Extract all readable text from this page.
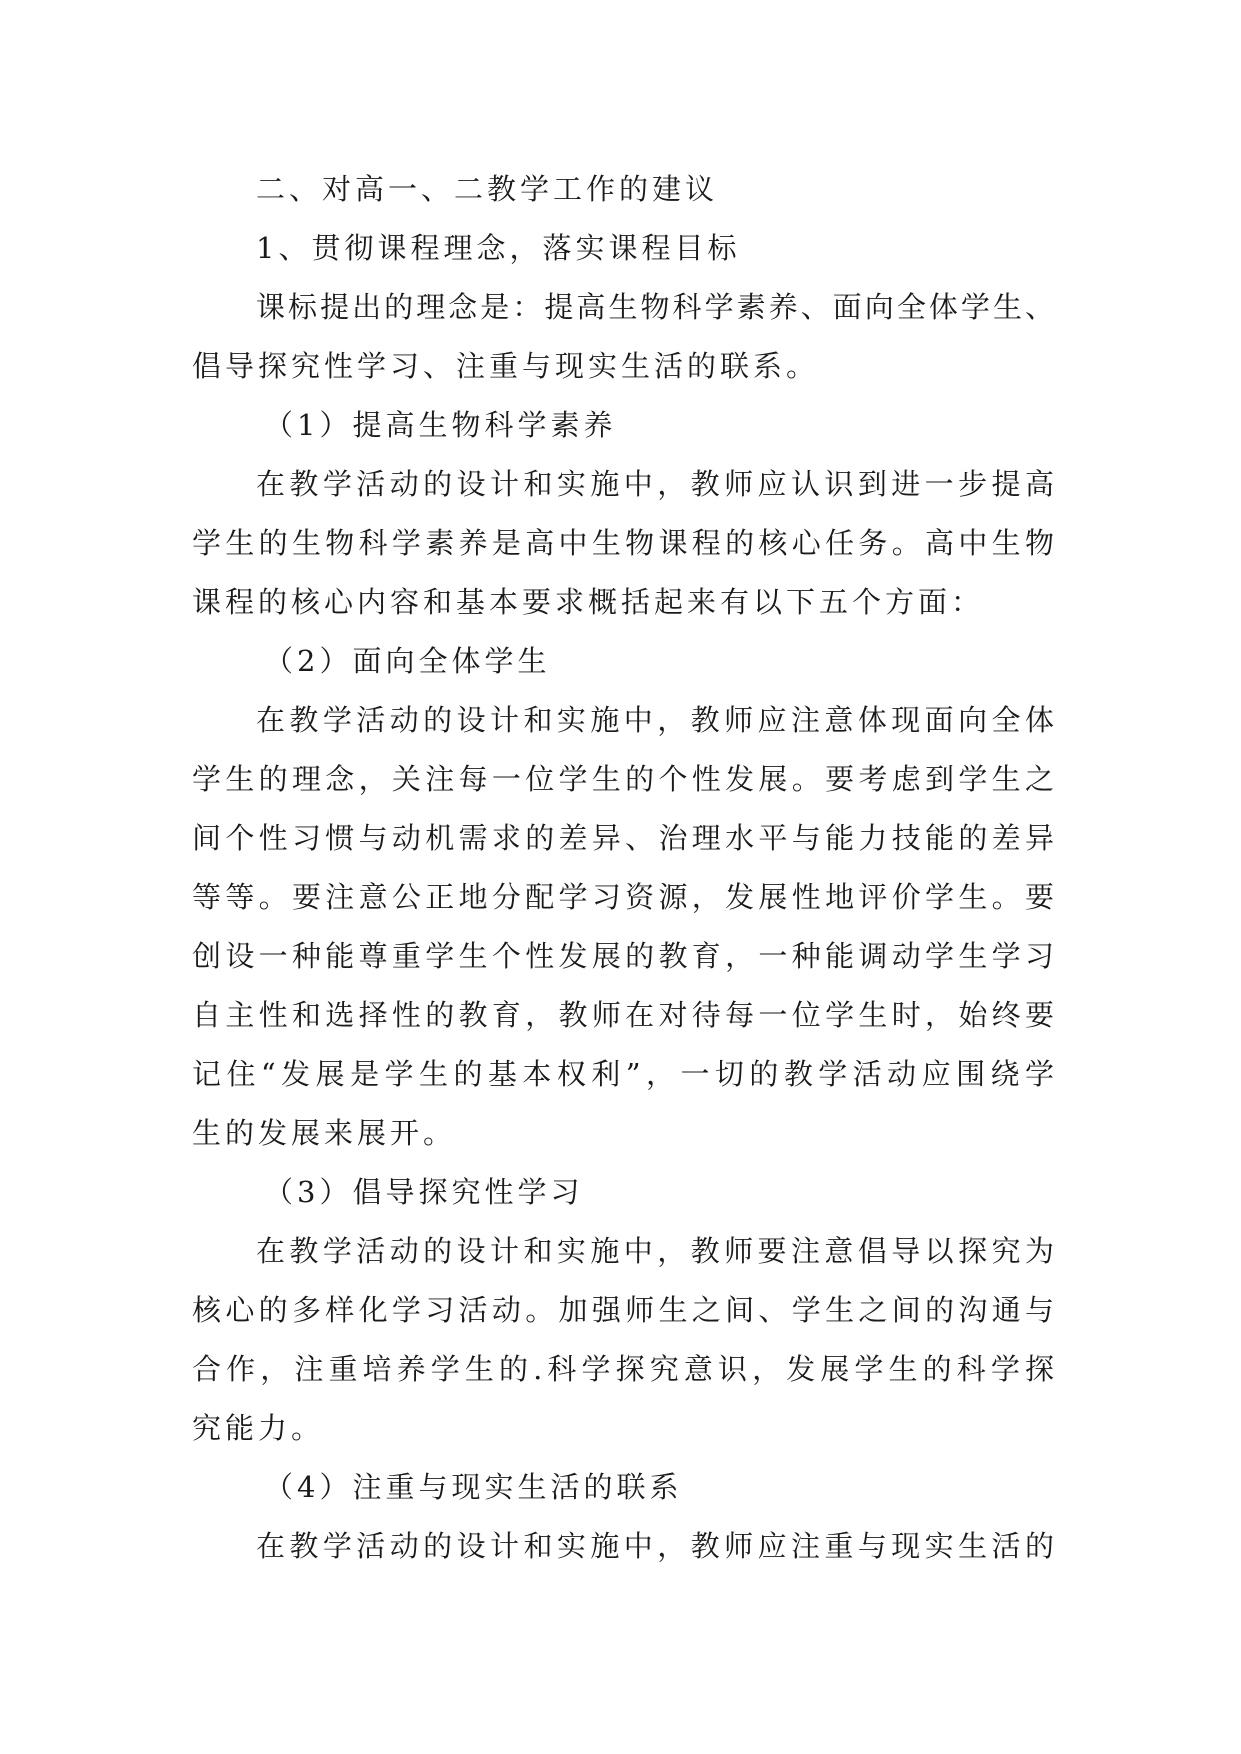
二、对高一、二教学工作的建议
1、贯彻课程理念，落实课程目标
课标提出的理念是：提高生物科学素养、面向全体学生、
倡导探究性学习、注重与现实生活的联系。
（1）提高生物科学素养
在教学活动的设计和实施中，教师应认识到进一步提高
学生的生物科学素养是高中生物课程的核心任务。高中生物
课程的核心内容和基本要求概括起来有以下五个方面：
（2）面向全体学生
在教学活动的设计和实施中，教师应注意体现面向全体
学生的理念，关注每一位学生的个性发展。要考虑到学生之
间个性习惯与动机需求的差异、治理水平与能力技能的差异
等等。要注意公正地分配学习资源，发展性地评价学生。要
创设一种能尊重学生个性发展的教育，一种能调动学生学习
自主性和选择性的教育，教师在对待每一位学生时，始终要
记住“发展是学生的基本权利”，一切的教学活动应围绕学
生的发展来展开。
（3）倡导探究性学习
在教学活动的设计和实施中，教师要注意倡导以探究为
核心的多样化学习活动。加强师生之间、学生之间的沟通与
合作，注重培养学生的.科学探究意识，发展学生的科学探
究能力。
（4）注重与现实生活的联系
在教学活动的设计和实施中，教师应注重与现实生活的
